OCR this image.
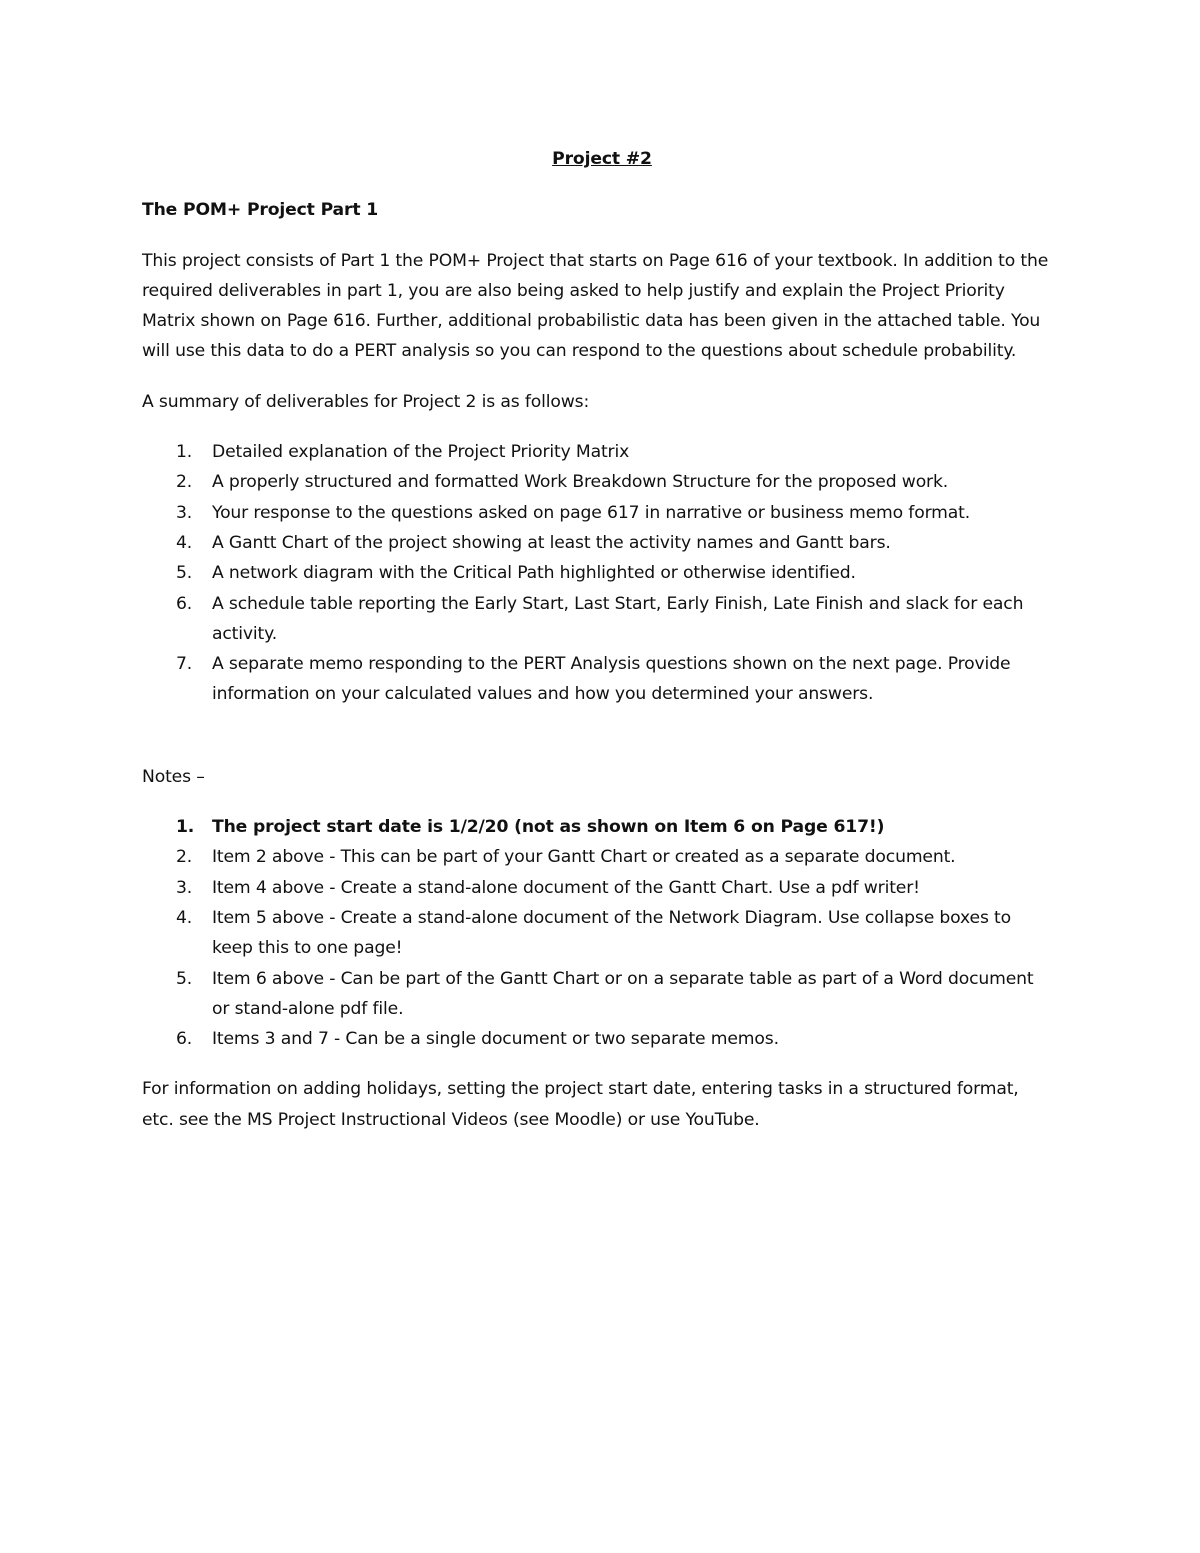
Project #2

The POM+ Project Part 1

This project consists of Part 1 the POM+ Project that starts on Page 616 of your textbook. In addition to the required deliverables in part 1, you are also being asked to help justify and explain the Project Priority Matrix shown on Page 616. Further, additional probabilistic data has been given in the attached table. You will use this data to do a PERT analysis so you can respond to the questions about schedule probability.

A summary of deliverables for Project 2 is as follows:

1. Detailed explanation of the Project Priority Matrix
2. A properly structured and formatted Work Breakdown Structure for the proposed work.
3. Your response to the questions asked on page 617 in narrative or business memo format.
4. A Gantt Chart of the project showing at least the activity names and Gantt bars.
5. A network diagram with the Critical Path highlighted or otherwise identified.
6. A schedule table reporting the Early Start, Last Start, Early Finish, Late Finish and slack for each activity.
7. A separate memo responding to the PERT Analysis questions shown on the next page. Provide information on your calculated values and how you determined your answers.

Notes –

1. The project start date is 1/2/20 (not as shown on Item 6 on Page 617!)
2. Item 2 above - This can be part of your Gantt Chart or created as a separate document.
3. Item 4 above - Create a stand-alone document of the Gantt Chart. Use a pdf writer!
4. Item 5 above - Create a stand-alone document of the Network Diagram. Use collapse boxes to keep this to one page!
5. Item 6 above - Can be part of the Gantt Chart or on a separate table as part of a Word document or stand-alone pdf file.
6. Items 3 and 7 - Can be a single document or two separate memos.

For information on adding holidays, setting the project start date, entering tasks in a structured format, etc. see the MS Project Instructional Videos (see Moodle) or use YouTube.
